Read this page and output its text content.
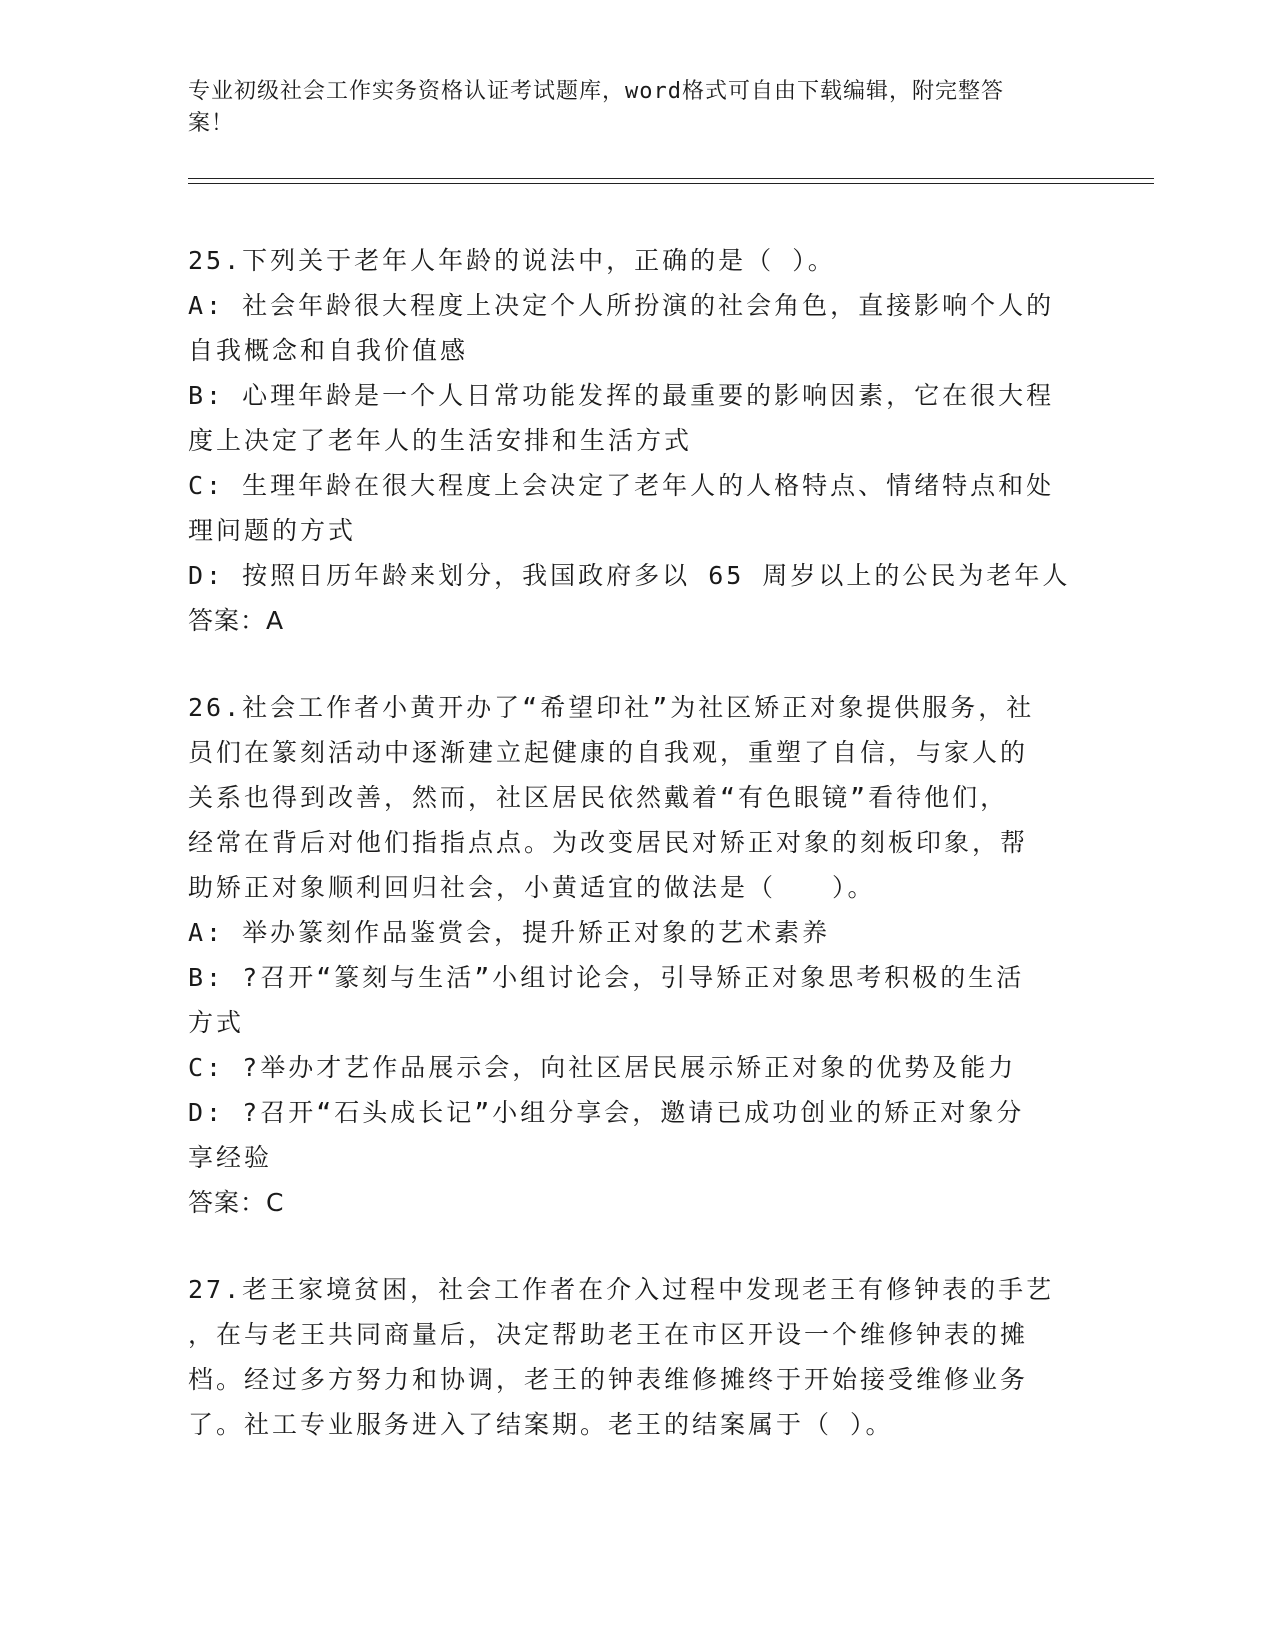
专业初级社会工作实务资格认证考试题库，word格式可自由下载编辑，附完整答
案！
25.下列关于老年人年龄的说法中，正确的是（ ）。
A: 社会年龄很大程度上决定个人所扮演的社会角色，直接影响个人的
自我概念和自我价值感
B: 心理年龄是一个人日常功能发挥的最重要的影响因素，它在很大程
度上决定了老年人的生活安排和生活方式
C: 生理年龄在很大程度上会决定了老年人的人格特点、情绪特点和处
理问题的方式
D: 按照日历年龄来划分，我国政府多以 65 周岁以上的公民为老年人
答案：A
26.社会工作者小黄开办了“希望印社”为社区矫正对象提供服务，社
员们在篆刻活动中逐渐建立起健康的自我观，重塑了自信，与家人的
关系也得到改善，然而，社区居民依然戴着“有色眼镜”看待他们，
经常在背后对他们指指点点。为改变居民对矫正对象的刻板印象，帮
助矫正对象顺利回归社会，小黄适宜的做法是（　　）。
A: 举办篆刻作品鉴赏会，提升矫正对象的艺术素养
B: ?召开“篆刻与生活”小组讨论会，引导矫正对象思考积极的生活
方式
C: ?举办才艺作品展示会，向社区居民展示矫正对象的优势及能力
D: ?召开“石头成长记”小组分享会，邀请已成功创业的矫正对象分
享经验
答案：C
27.老王家境贫困，社会工作者在介入过程中发现老王有修钟表的手艺
，在与老王共同商量后，决定帮助老王在市区开设一个维修钟表的摊
档。经过多方努力和协调，老王的钟表维修摊终于开始接受维修业务
了。社工专业服务进入了结案期。老王的结案属于（ ）。
